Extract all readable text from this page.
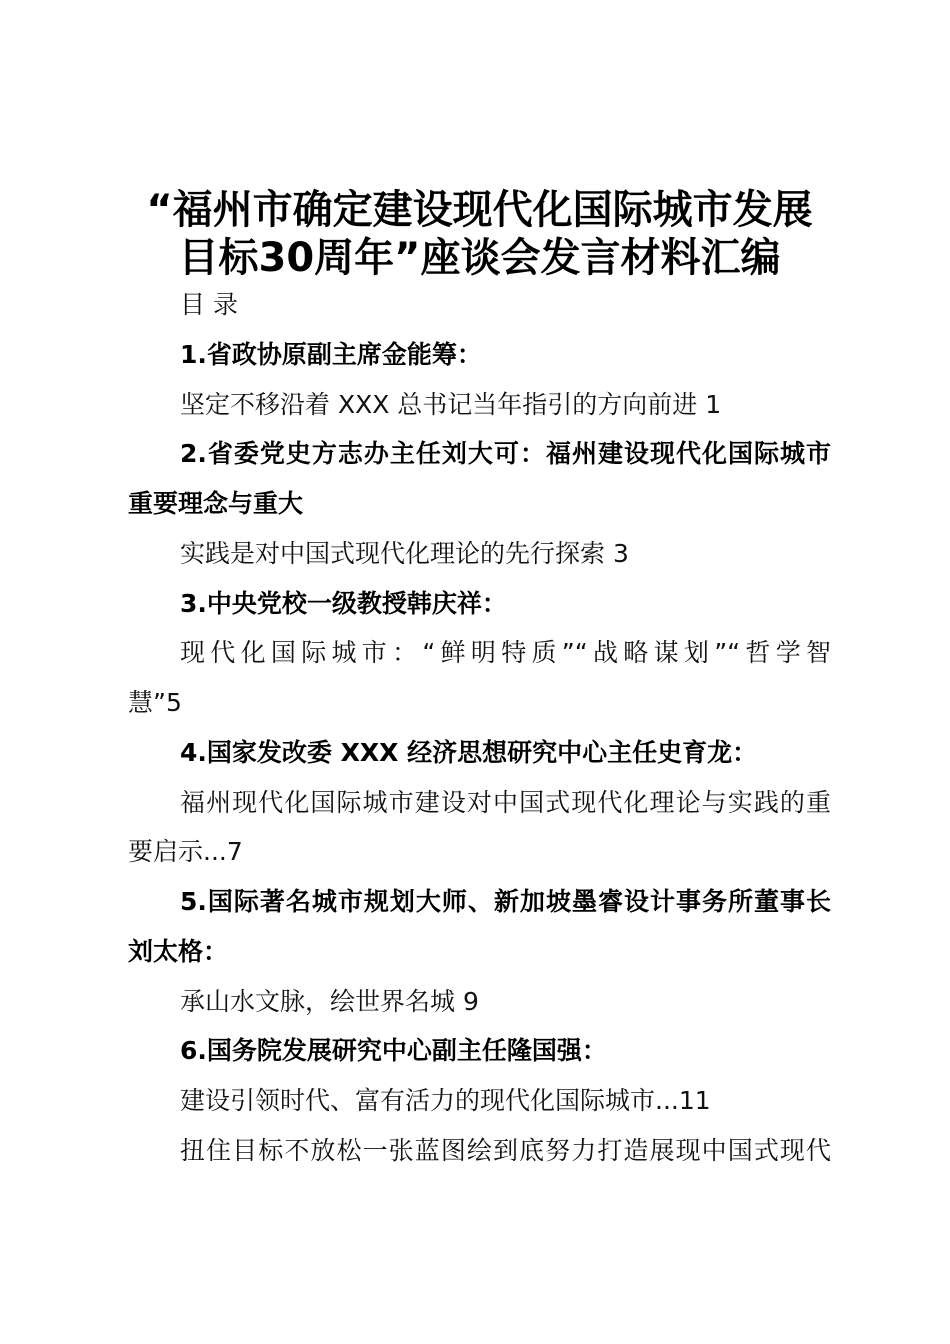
“福州市确定建设现代化国际城市发展
目标30周年”座谈会发言材料汇编
目 录

1.省政协原副主席金能筹：

坚定不移沿着 XXX 总书记当年指引的方向前进 1

2.省委党史方志办主任刘大可：福州建设现代化国际城市
重要理念与重大

实践是对中国式现代化理论的先行探索 3

3.中央党校一级教授韩庆祥：

现代化国际城市：“鲜明特质”“战略谋划”“哲学智
慧”5

4.国家发改委 XXX 经济思想研究中心主任史育龙：

福州现代化国际城市建设对中国式现代化理论与实践的重
要启示...7

5.国际著名城市规划大师、新加坡墨睿设计事务所董事长
刘太格：

承山水文脉，绘世界名城 9

6.国务院发展研究中心副主任隆国强：

建设引领时代、富有活力的现代化国际城市...11

扭住目标不放松一张蓝图绘到底努力打造展现中国式现代
